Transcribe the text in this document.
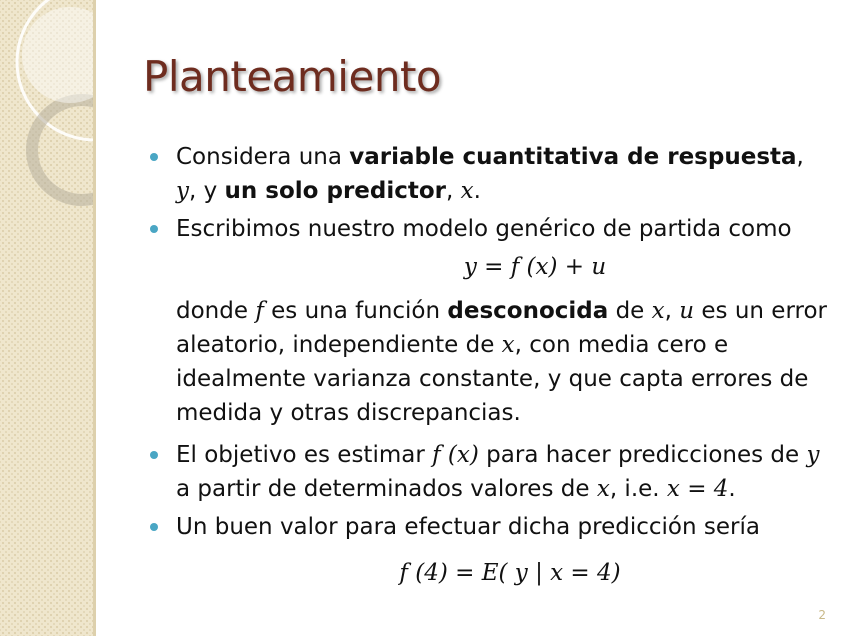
Planteamiento
Considera una variable cuantitativa de respuesta, y, y un solo predictor, x.
Escribimos nuestro modelo genérico de partida como
y = f (x) + u
donde f es una función desconocida de x, u es un error aleatorio, independiente de x, con media cero e idealmente varianza constante, y que capta errores de medida y otras discrepancias.
El objetivo es estimar f (x) para hacer predicciones de y a partir de determinados valores de x, i.e. x = 4.
Un buen valor para efectuar dicha predicción sería
f (4) = E( y | x = 4)
2
